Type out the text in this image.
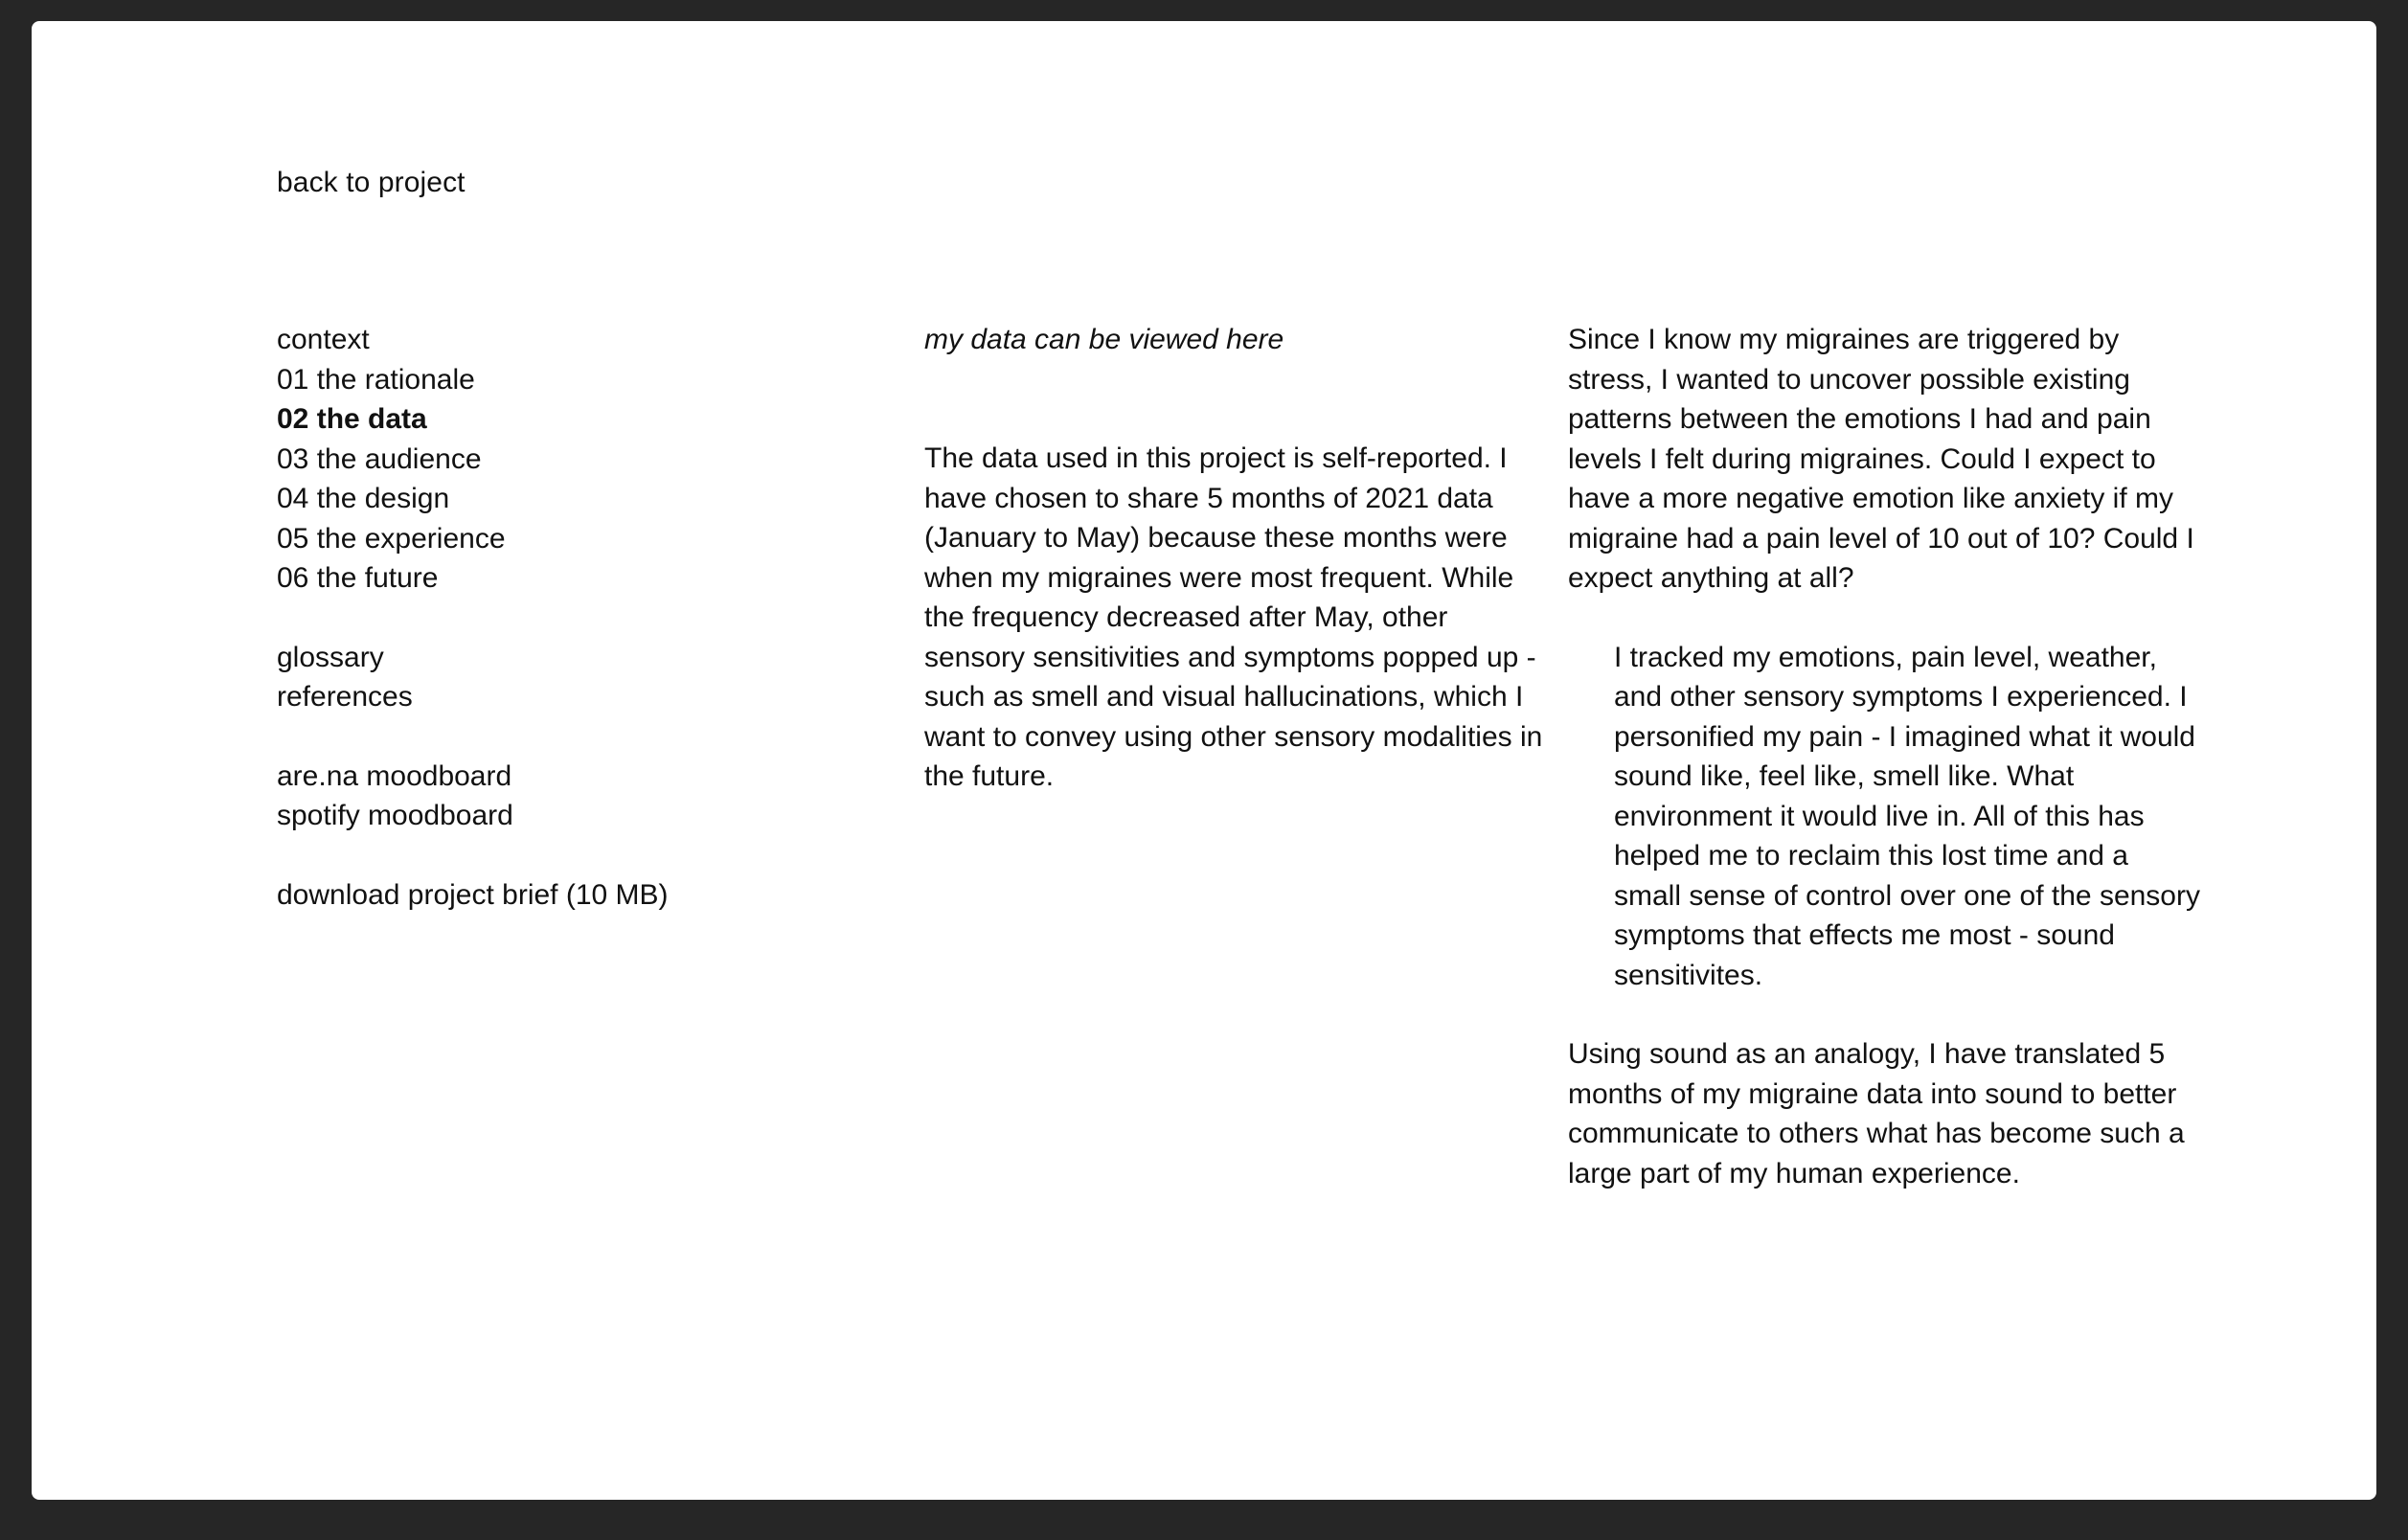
back to project
context
01 the rationale
02 the data
03 the audience
04 the design
05 the experience
06 the future
glossary
references
are.na moodboard
spotify moodboard
download project brief (10 MB)
my data can be viewed here

The data used in this project is self-reported. I have chosen to share 5 months of 2021 data (January to May) because these months were when my migraines were most frequent. While the frequency decreased after May, other sensory sensitivities and symptoms popped up - such as smell and visual hallucinations, which I want to convey using other sensory modalities in the future.

Since I know my migraines are triggered by stress, I wanted to uncover possible existing patterns between the emotions I had and pain levels I felt during migraines. Could I expect to have a more negative emotion like anxiety if my migraine had a pain level of 10 out of 10? Could I expect anything at all?

I tracked my emotions, pain level, weather, and other sensory symptoms I experienced. I personified my pain - I imagined what it would sound like, feel like, smell like. What environment it would live in. All of this has helped me to reclaim this lost time and a small sense of control over one of the sensory symptoms that effects me most - sound sensitivites.

Using sound as an analogy, I have translated 5 months of my migraine data into sound to better communicate to others what has become such a large part of my human experience.
